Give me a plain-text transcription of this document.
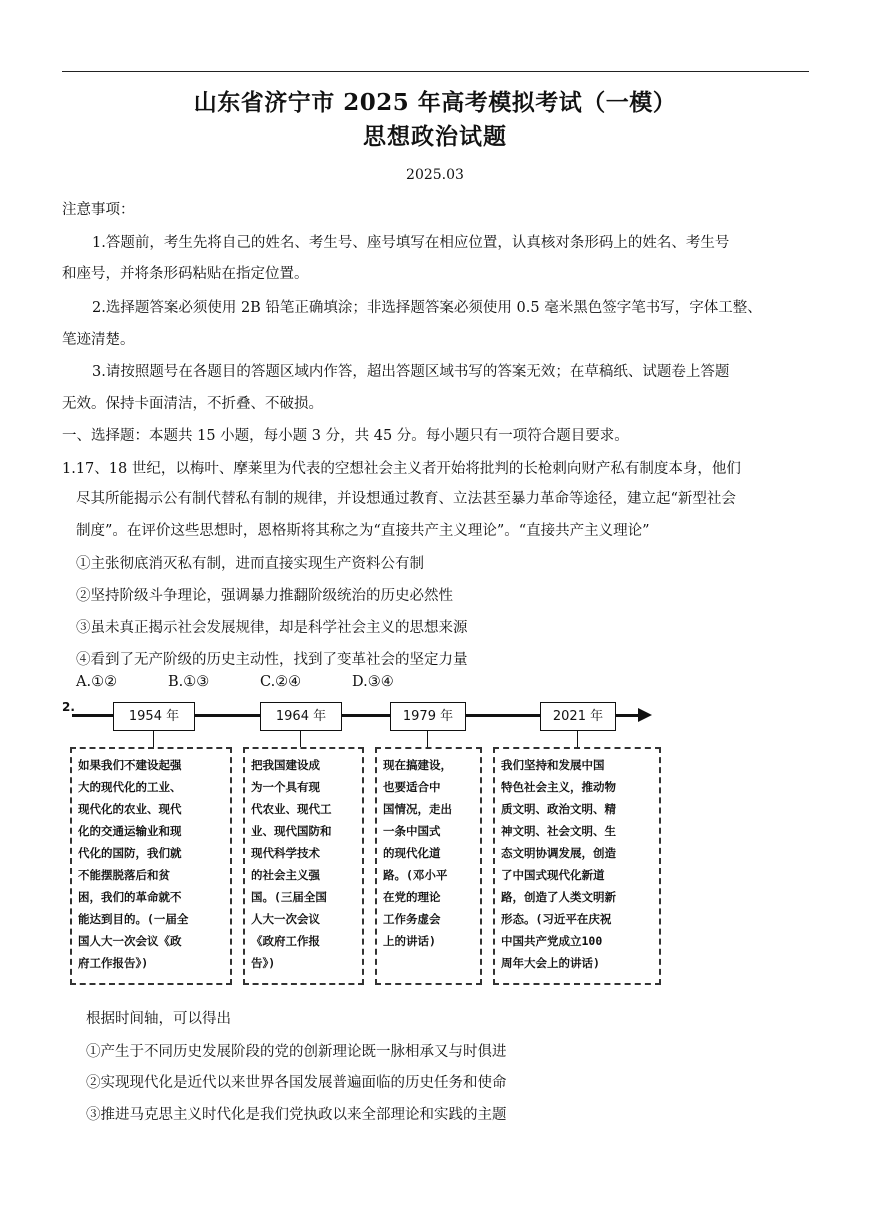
山东省济宁市 2025 年高考模拟考试（一模）
思想政治试题
2025.03
注意事项：
1.答题前，考生先将自己的姓名、考生号、座号填写在相应位置，认真核对条形码上的姓名、考生号
和座号，并将条形码粘贴在指定位置。
2.选择题答案必须使用 2B 铅笔正确填涂；非选择题答案必须使用 0.5 毫米黑色签字笔书写，字体工整、
笔迹清楚。
3.请按照题号在各题目的答题区域内作答，超出答题区域书写的答案无效；在草稿纸、试题卷上答题
无效。保持卡面清洁，不折叠、不破损。
一、选择题：本题共 15 小题，每小题 3 分，共 45 分。每小题只有一项符合题目要求。
1.17、18 世纪，以梅叶、摩莱里为代表的空想社会主义者开始将批判的长枪刺向财产私有制度本身，他们
尽其所能揭示公有制代替私有制的规律，并设想通过教育、立法甚至暴力革命等途径，建立起“新型社会
制度”。在评价这些思想时，恩格斯将其称之为“直接共产主义理论”。“直接共产主义理论”
①主张彻底消灭私有制，进而直接实现生产资料公有制
②坚持阶级斗争理论，强调暴力推翻阶级统治的历史必然性
③虽未真正揭示社会发展规律，却是科学社会主义的思想来源
④看到了无产阶级的历史主动性，找到了变革社会的坚定力量
A.①②	B.①③	C.②④	D.③④
2.
1954 年	1964 年	1979 年	2021 年
如果我们不建设起强
大的现代化的工业、
现代化的农业、现代
化的交通运输业和现
代化的国防，我们就
不能摆脱落后和贫
困，我们的革命就不
能达到目的。(一届全
国人大一次会议《政
府工作报告》)
把我国建设成
为一个具有现
代农业、现代工
业、现代国防和
现代科学技术
的社会主义强
国。(三届全国
人大一次会议
《政府工作报
告》)
现在搞建设，
也要适合中
国情况，走出
一条中国式
的现代化道
路。(邓小平
在党的理论
工作务虚会
上的讲话)
我们坚持和发展中国
特色社会主义，推动物
质文明、政治文明、精
神文明、社会文明、生
态文明协调发展，创造
了中国式现代化新道
路，创造了人类文明新
形态。(习近平在庆祝
中国共产党成立100
周年大会上的讲话)
根据时间轴，可以得出
①产生于不同历史发展阶段的党的创新理论既一脉相承又与时俱进
②实现现代化是近代以来世界各国发展普遍面临的历史任务和使命
③推进马克思主义时代化是我们党执政以来全部理论和实践的主题
